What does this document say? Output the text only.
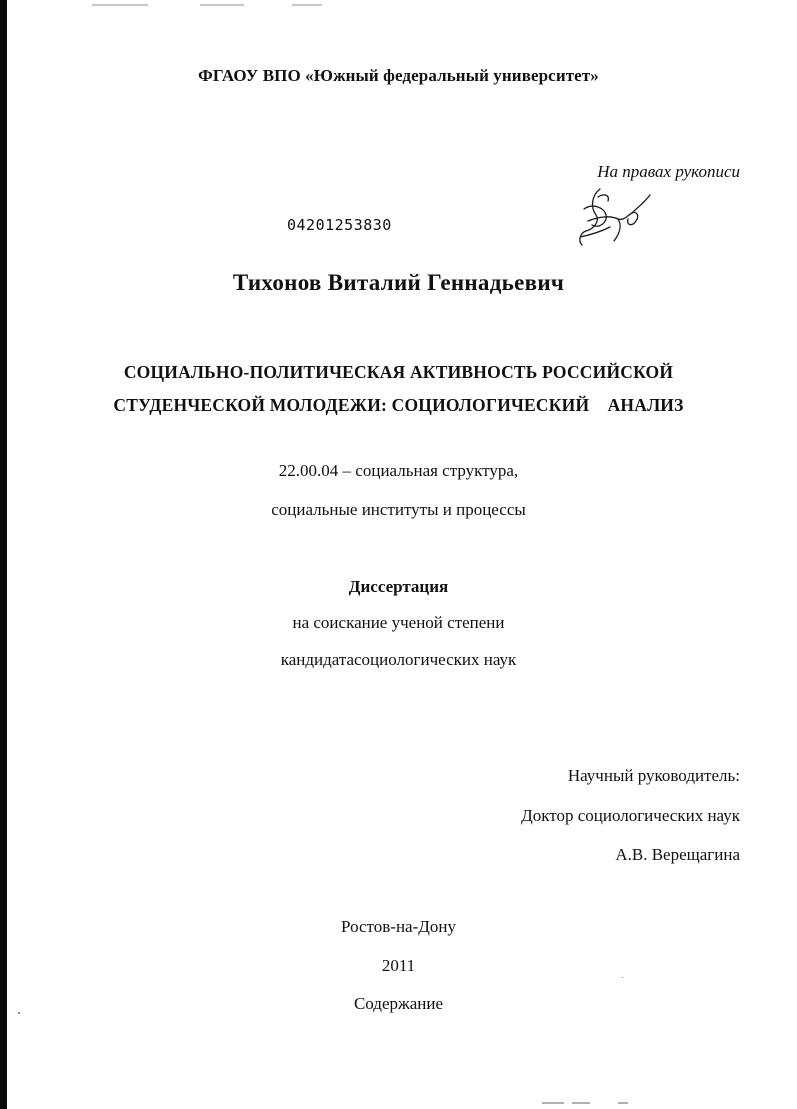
ФГАОУ ВПО «Южный федеральный университет»
На правах рукописи
04201253830
Тихонов Виталий Геннадьевич
СОЦИАЛЬНО-ПОЛИТИЧЕСКАЯ АКТИВНОСТЬ РОССИЙСКОЙ
СТУДЕНЧЕСКОЙ МОЛОДЕЖИ: СОЦИОЛОГИЧЕСКИЙ    АНАЛИЗ
22.00.04 – социальная структура,
социальные институты и процессы
Диссертация
на соискание ученой степени
кандидатасоциологических наук
Научный руководитель:
Доктор социологических наук
А.В. Верещагина
Ростов-на-Дону
2011
Содержание
